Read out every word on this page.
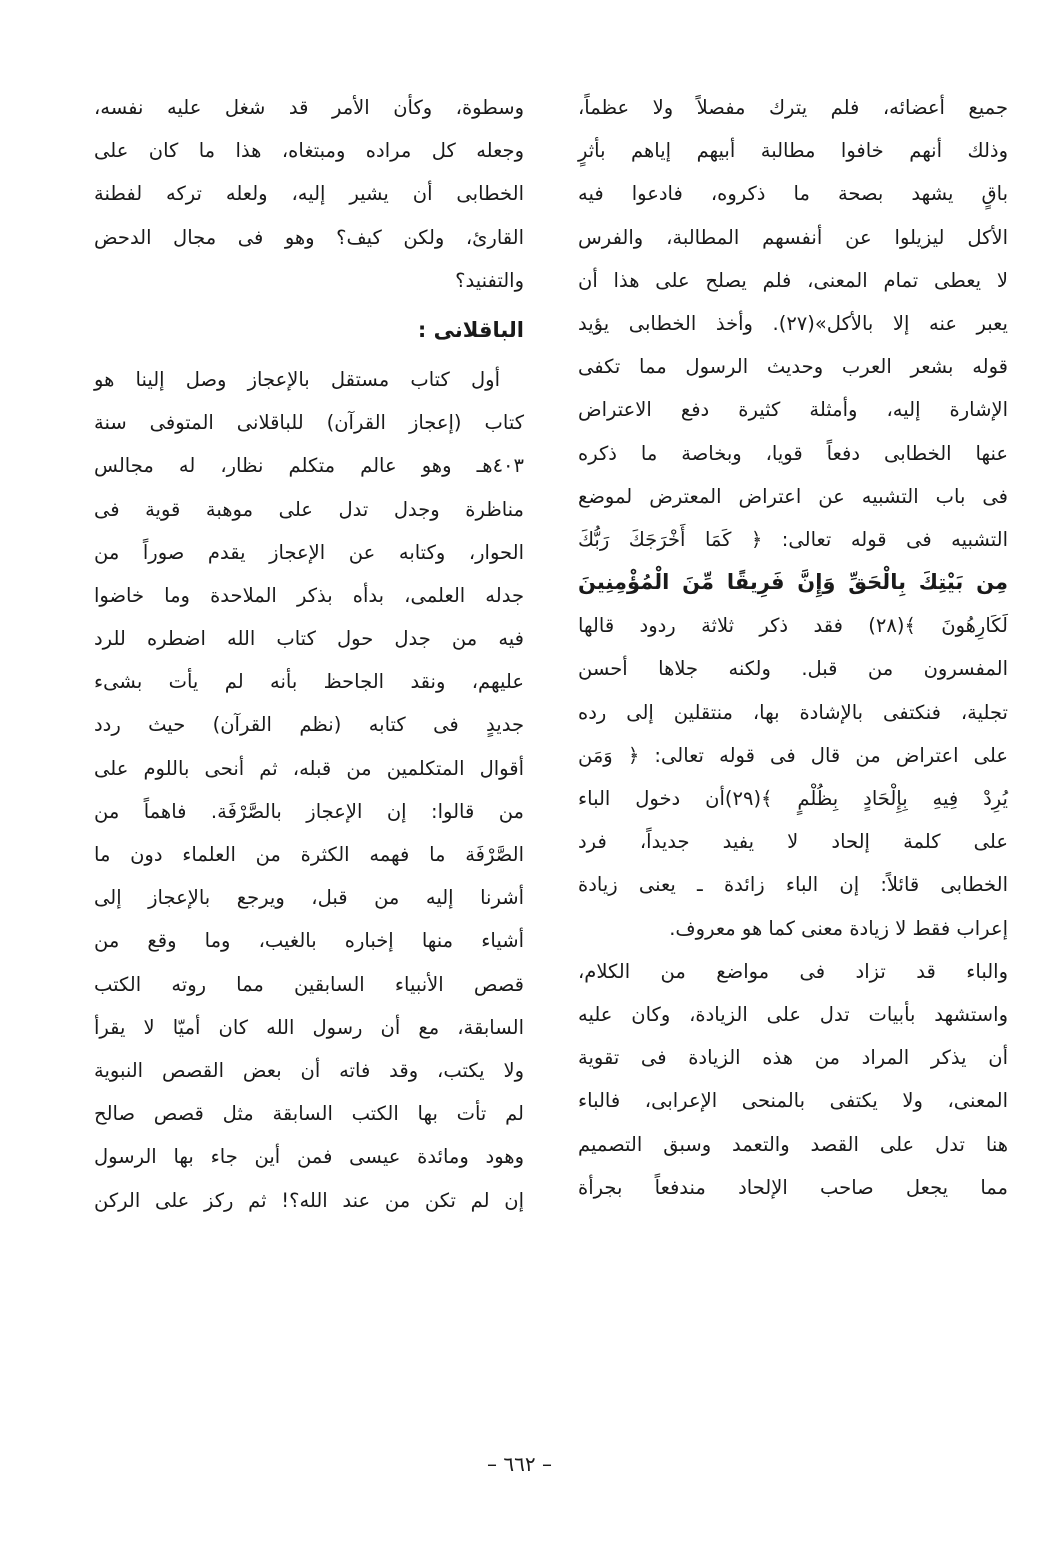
جميع أعضائه، فلم يترك مفصلاً ولا عظماً،
وذلك أنهم خافوا مطالبة أبيهم إياهم بأثرٍ
باقٍ يشهد بصحة ما ذكروه، فادعوا فيه
الأكل ليزيلوا عن أنفسهم المطالبة، والفرس
لا يعطى تمام المعنى، فلم يصلح على هذا أن
يعبر عنه إلا بالأكل»(٢٧). وأخذ الخطابى يؤيد
قوله بشعر العرب وحديث الرسول مما تكفى
الإشارة إليه، وأمثلة كثيرة دفع الاعتراض
عنها الخطابى دفعاً قويا، وبخاصة ما ذكره
فى باب التشبيه عن اعتراض المعترض لموضع
التشبيه فى قوله تعالى: ﴿ كَمَا أَخْرَجَكَ رَبُّكَ
مِن بَيْتِكَ بِالْحَقِّ وَإِنَّ فَرِيقًا مِّنَ الْمُؤْمِنِينَ
لَكَارِهُونَ ﴾(٢٨) فقد ذكر ثلاثة ردود قالها
المفسرون من قبل. ولكنه جلاها أحسن
تجلية، فنكتفى بالإشادة بها، منتقلين إلى رده
على اعتراض من قال فى قوله تعالى: ﴿ وَمَن
يُرِدْ فِيهِ بِإِلْحَادٍ بِظُلْمٍ ﴾(٢٩)أن دخول الباء
على كلمة إلحاد لا يفيد جديداً، فرد
الخطابى قائلاً: إن الباء زائدة ـ يعنى زيادة
إعراب فقط لا زيادة معنى كما هو معروف.
والباء قد تزاد فى مواضع من الكلام،
واستشهد بأبيات تدل على الزيادة، وكان عليه
أن يذكر المراد من هذه الزيادة فى تقوية
المعنى، ولا يكتفى بالمنحى الإعرابى، فالباء
هنا تدل على القصد والتعمد وسبق التصميم
مما يجعل صاحب الإلحاد مندفعاً بجرأة
وسطوة، وكأن الأمر قد شغل عليه نفسه،
وجعله كل مراده ومبتغاه، هذا ما كان على
الخطابى أن يشير إليه، ولعله تركه لفطنة
القارئ، ولكن كيف؟ وهو فى مجال الدحض
والتفنيد؟
الباقلانى :
أول كتاب مستقل بالإعجاز وصل إلينا هو
كتاب (إعجاز القرآن) للباقلانى المتوفى سنة
٤٠٣هـ وهو عالم متكلم نظار، له مجالس
مناظرة وجدل تدل على موهبة قوية فى
الحوار، وكتابه عن الإعجاز يقدم صوراً من
جدله العلمى، بدأه بذكر الملاحدة وما خاضوا
فيه من جدل حول كتاب الله اضطره للرد
عليهم، ونقد الجاحظ بأنه لم يأت بشىء
جديدٍ فى كتابه (نظم القرآن) حيث ردد
أقوال المتكلمين من قبله، ثم أنحى باللوم على
من قالوا: إن الإعجاز بالصَّرْفَة. فاهماً من
الصَّرْفَة ما فهمه الكثرة من العلماء دون ما
أشرنا إليه من قبل، ويرجع بالإعجاز إلى
أشياء منها إخباره بالغيب، وما وقع من
قصص الأنبياء السابقين مما روته الكتب
السابقة، مع أن رسول الله كان أميّا لا يقرأ
ولا يكتب، وقد فاته أن بعض القصص النبوية
لم تأت بها الكتب السابقة مثل قصص صالح
وهود ومائدة عيسى فمن أين جاء بها الرسول
إن لم تكن من عند الله؟! ثم ركز على الركن
– ٦٦٢ –
